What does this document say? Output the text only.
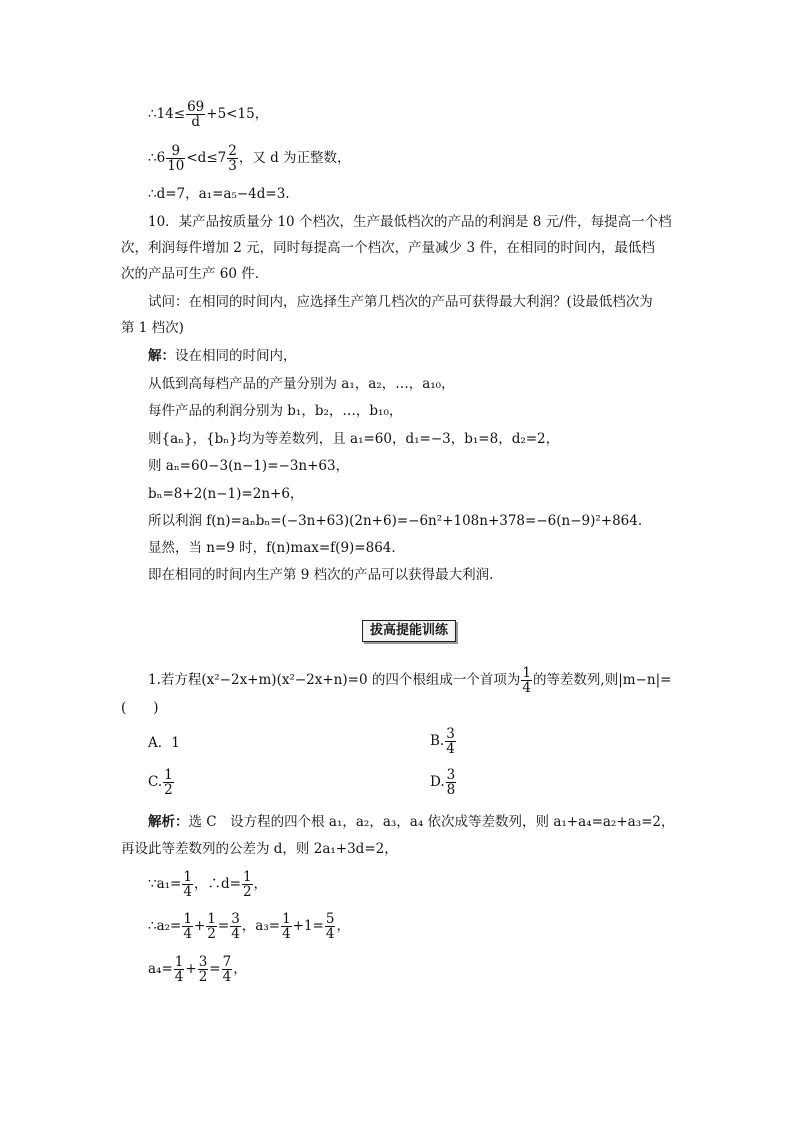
∴14≤ $\frac{69}{d} +5<15$，
∴6 $\frac{9}{10} <d\le 7 \frac{2}{3}$ ，又 d 为正整数，
∴d=7，a₁=a₅−4d=3.
10．某产品按质量分 10 个档次，生产最低档次的产品的利润是 8 元/件，每提高一个档
次，利润每件增加 2 元，同时每提高一个档次，产量减少 3 件，在相同的时间内，最低档
次的产品可生产 60 件．
试问：在相同的时间内，应选择生产第几档次的产品可获得最大利润？(设最低档次为
第 1 档次)
解：设在相同的时间内，
从低到高每档产品的产量分别为 a₁，a₂，…，a₁₀，
每件产品的利润分别为 b₁，b₂，…，b₁₀，
则{aₙ}，{bₙ}均为等差数列，且 a₁=60，d₁=−3，b₁=8，d₂=2，
则 aₙ=60−3(n−1)=−3n+63，
bₙ=8+2(n−1)=2n+6，
所以利润 f(n)=aₙbₙ=(−3n+63)(2n+6)=−6n²+108n+378=−6(n−9)²+864.
显然，当 n=9 时，f(n)max=f(9)=864.
即在相同的时间内生产第 9 档次的产品可以获得最大利润.
拔高提能训练
1.若方程(x²−2x+m)(x²−2x+n)=0 的四个根组成一个首项为 $\frac{1}{4}$ 的等差数列,则|m−n|=
(　　)
A．1	B. $\frac{3}{4}$
C. $\frac{1}{2}$	D. $\frac{3}{8}$
解析：选 C　设方程的四个根 a₁，a₂，a₃，a₄ 依次成等差数列，则 a₁+a₄=a₂+a₃=2，
再设此等差数列的公差为 d，则 2a₁+3d=2，
∵a₁= $\frac{1}{4}$ ，∴d= $\frac{1}{2}$ ，
∴a₂= $\frac{1}{4} + \frac{1}{2} = \frac{3}{4}$ ，$a_3= \frac{1}{4} +1= \frac{5}{4}$ ，
$a_4= \frac{1}{4} + \frac{3}{2} = \frac{7}{4}$ ，
